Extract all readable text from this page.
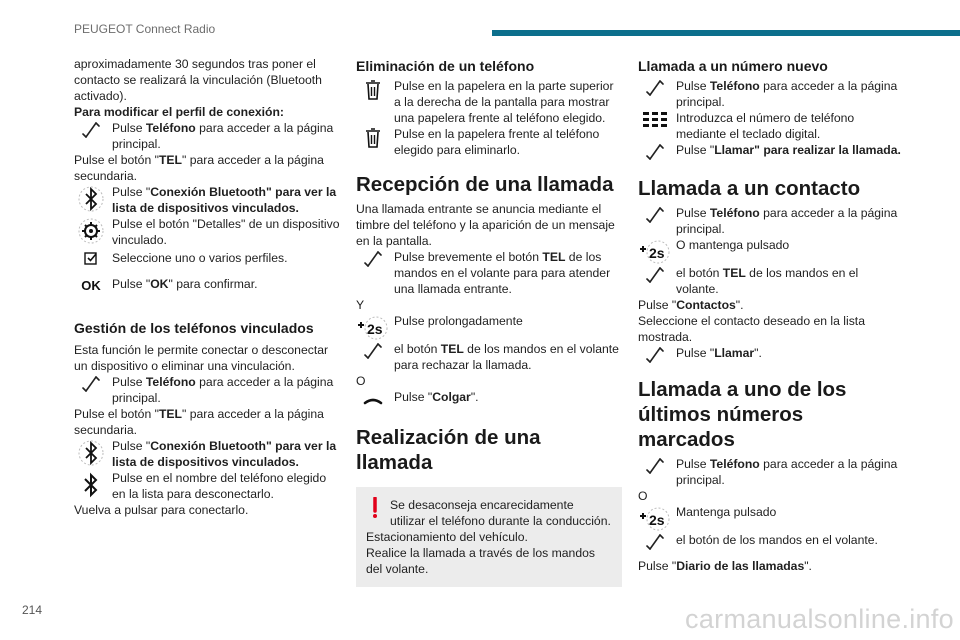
PEUGEOT Connect Radio

aproximadamente 30 segundos tras poner el contacto se realizará la vinculación (Bluetooth activado).

Para modificar el perfil de conexión:

Pulse Teléfono para acceder a la página principal.

Pulse el botón "TEL" para acceder a la página secundaria.

Pulse "Conexión Bluetooth" para ver la lista de dispositivos vinculados.
Pulse el botón "Detalles" de un dispositivo vinculado.
Seleccione uno o varios perfiles.
OK Pulse "OK" para confirmar.

Gestión de los teléfonos vinculados

Esta función le permite conectar o desconectar un dispositivo o eliminar una vinculación.

Pulse Teléfono para acceder a la página principal.

Pulse el botón "TEL" para acceder a la página secundaria.

Pulse "Conexión Bluetooth" para ver la lista de dispositivos vinculados.
Pulse en el nombre del teléfono elegido en la lista para desconectarlo.

Vuelva a pulsar para conectarlo.

Eliminación de un teléfono

Pulse en la papelera en la parte superior a la derecha de la pantalla para mostrar una papelera frente al teléfono elegido.
Pulse en la papelera frente al teléfono elegido para eliminarlo.

Recepción de una llamada

Una llamada entrante se anuncia mediante el timbre del teléfono y la aparición de un mensaje en la pantalla.

Pulse brevemente el botón TEL de los mandos en el volante para para atender una llamada entrante.

Y

2s Pulse prolongadamente
el botón TEL de los mandos en el volante para rechazar la llamada.

O

Pulse "Colgar".

Realización de una llamada

Se desaconseja encarecidamente utilizar el teléfono durante la conducción.

Estacionamiento del vehículo.

Realice la llamada a través de los mandos del volante.

Llamada a un número nuevo

Pulse Teléfono para acceder a la página principal.
Introduzca el número de teléfono mediante el teclado digital.
Pulse "Llamar" para realizar la llamada.

Llamada a un contacto

Pulse Teléfono para acceder a la página principal.
2s O mantenga pulsado
el botón TEL de los mandos en el volante.

Pulse "Contactos".

Seleccione el contacto deseado en la lista mostrada.

Pulse "Llamar".

Llamada a uno de los últimos números marcados

Pulse Teléfono para acceder a la página principal.

O

2s Mantenga pulsado
el botón de los mandos en el volante.

Pulse "Diario de las llamadas".

214	carmanualsonline.info
